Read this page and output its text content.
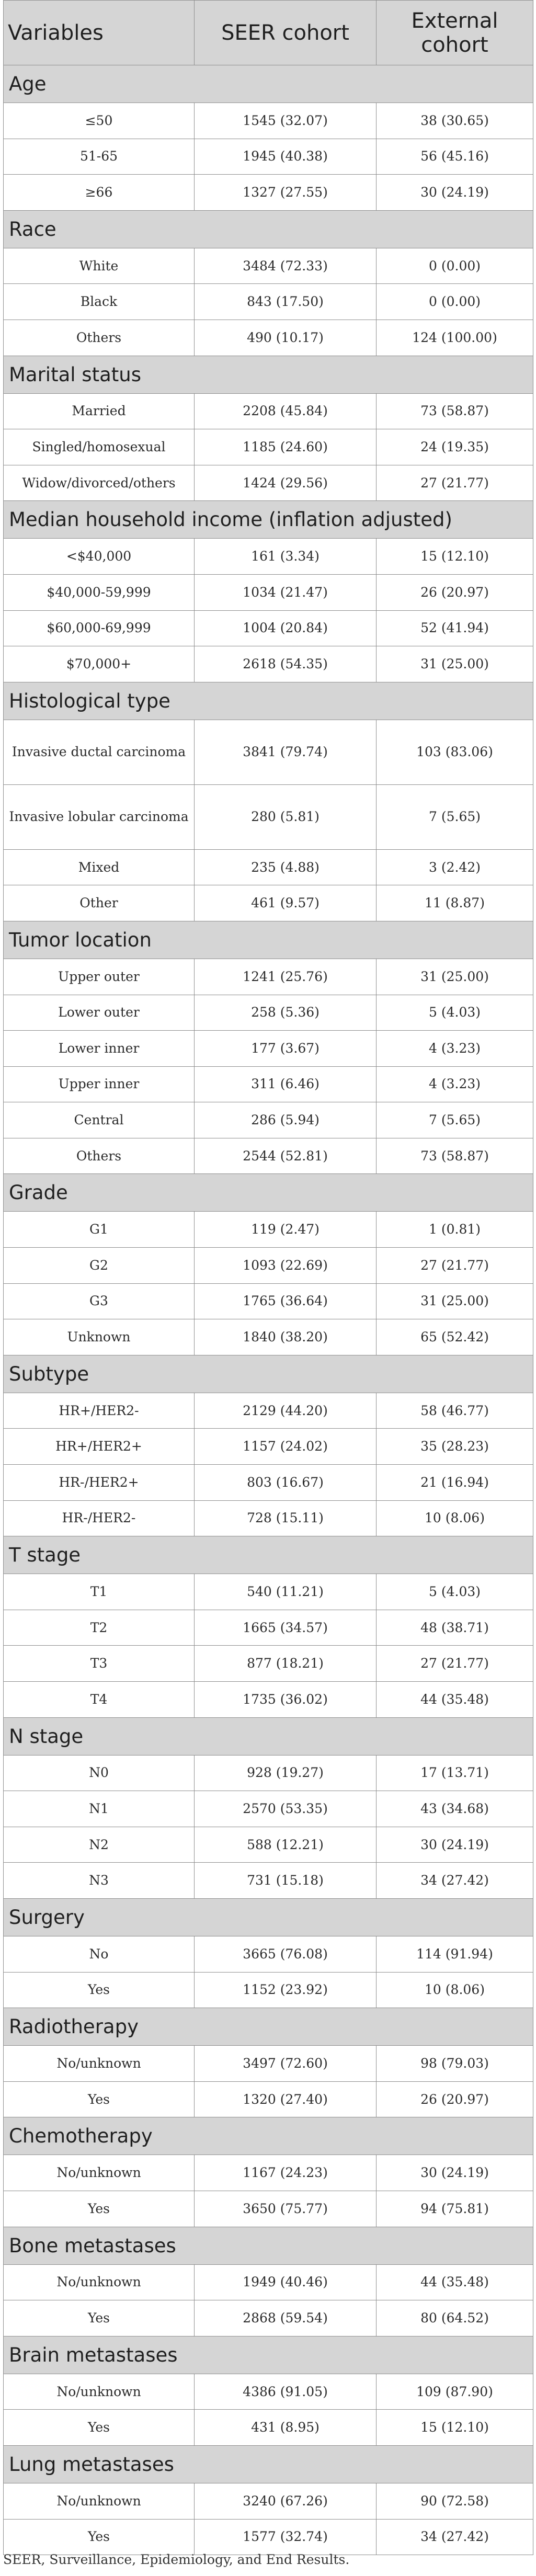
Variables	SEER cohort	External cohort
Age		
≤50	1545 (32.07)	38 (30.65)
51-65	1945 (40.38)	56 (45.16)
≥66	1327 (27.55)	30 (24.19)
Race		
White	3484 (72.33)	0 (0.00)
Black	843 (17.50)	0 (0.00)
Others	490 (10.17)	124 (100.00)
Marital status		
Married	2208 (45.84)	73 (58.87)
Singled/homosexual	1185 (24.60)	24 (19.35)
Widow/divorced/others	1424 (29.56)	27 (21.77)
Median household income (inflation adjusted)		
<$40,000	161 (3.34)	15 (12.10)
$40,000-59,999	1034 (21.47)	26 (20.97)
$60,000-69,999	1004 (20.84)	52 (41.94)
$70,000+	2618 (54.35)	31 (25.00)
Histological type		
Invasive ductal carcinoma	3841 (79.74)	103 (83.06)
Invasive lobular carcinoma	280 (5.81)	7 (5.65)
Mixed	235 (4.88)	3 (2.42)
Other	461 (9.57)	11 (8.87)
Tumor location		
Upper outer	1241 (25.76)	31 (25.00)
Lower outer	258 (5.36)	5 (4.03)
Lower inner	177 (3.67)	4 (3.23)
Upper inner	311 (6.46)	4 (3.23)
Central	286 (5.94)	7 (5.65)
Others	2544 (52.81)	73 (58.87)
Grade		
G1	119 (2.47)	1 (0.81)
G2	1093 (22.69)	27 (21.77)
G3	1765 (36.64)	31 (25.00)
Unknown	1840 (38.20)	65 (52.42)
Subtype		
HR+/HER2-	2129 (44.20)	58 (46.77)
HR+/HER2+	1157 (24.02)	35 (28.23)
HR-/HER2+	803 (16.67)	21 (16.94)
HR-/HER2-	728 (15.11)	10 (8.06)
T stage		
T1	540 (11.21)	5 (4.03)
T2	1665 (34.57)	48 (38.71)
T3	877 (18.21)	27 (21.77)
T4	1735 (36.02)	44 (35.48)
N stage		
N0	928 (19.27)	17 (13.71)
N1	2570 (53.35)	43 (34.68)
N2	588 (12.21)	30 (24.19)
N3	731 (15.18)	34 (27.42)
Surgery		
No	3665 (76.08)	114 (91.94)
Yes	1152 (23.92)	10 (8.06)
Radiotherapy		
No/unknown	3497 (72.60)	98 (79.03)
Yes	1320 (27.40)	26 (20.97)
Chemotherapy		
No/unknown	1167 (24.23)	30 (24.19)
Yes	3650 (75.77)	94 (75.81)
Bone metastases		
No/unknown	1949 (40.46)	44 (35.48)
Yes	2868 (59.54)	80 (64.52)
Brain metastases		
No/unknown	4386 (91.05)	109 (87.90)
Yes	431 (8.95)	15 (12.10)
Lung metastases		
No/unknown	3240 (67.26)	90 (72.58)
Yes	1577 (32.74)	34 (27.42)
SEER, Surveillance, Epidemiology, and End Results.
